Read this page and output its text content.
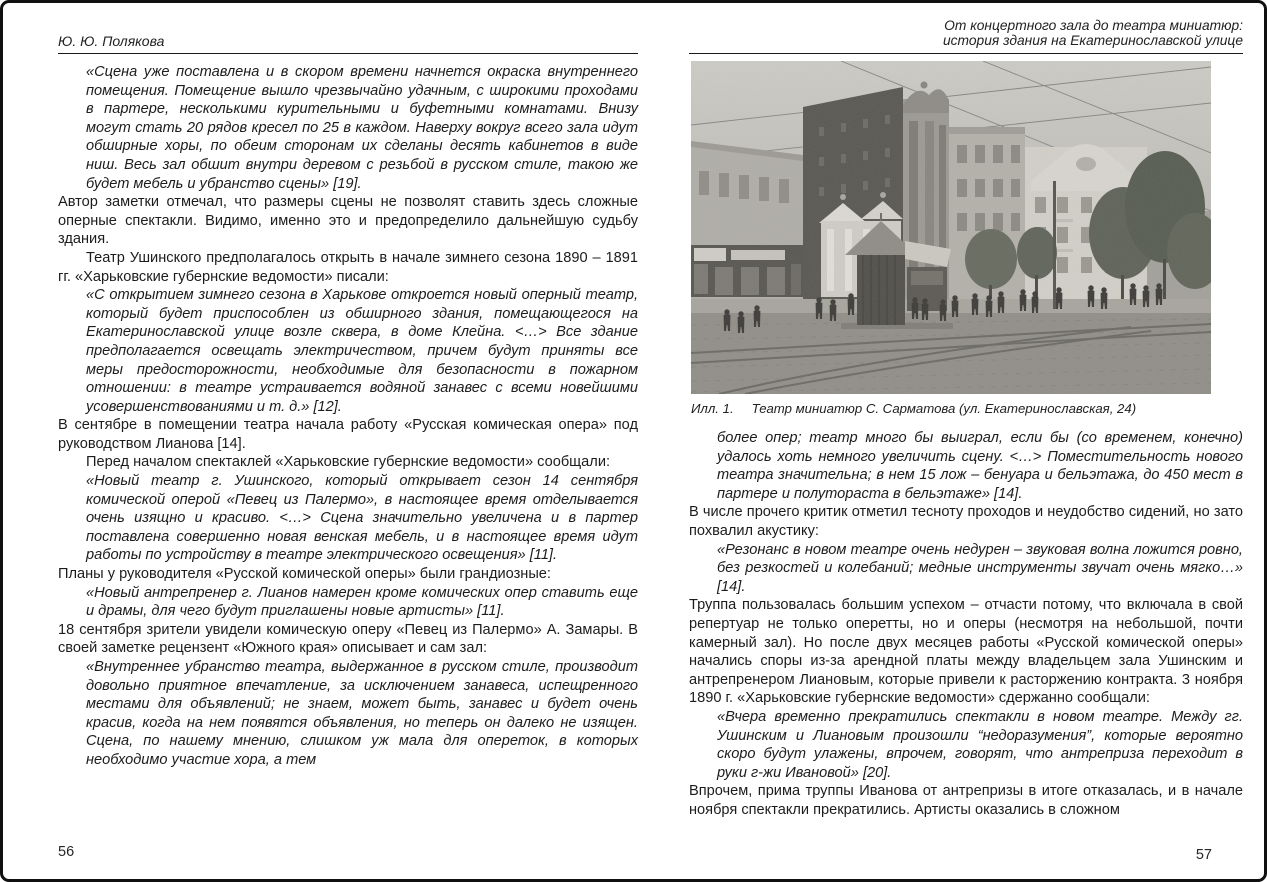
Ю. Ю. Полякова

«Сцена уже поставлена и в скором времени начнется окраска внутреннего помещения. Помещение вышло чрезвычайно удачным, с широкими проходами в партере, несколькими курительными и буфетными комнатами. Внизу могут стать 20 рядов кресел по 25 в каждом. Наверху вокруг всего зала идут обширные хоры, по обеим сторонам их сделаны десять кабинетов в виде ниш. Весь зал обшит внутри деревом с резьбой в русском стиле, такою же будет мебель и убранство сцены» [19].

Автор заметки отмечал, что размеры сцены не позволят ставить здесь сложные оперные спектакли. Видимо, именно это и предопределило дальнейшую судьбу здания.

Театр Ушинского предполагалось открыть в начале зимнего сезона 1890 – 1891 гг. «Харьковские губернские ведомости» писали:

«С открытием зимнего сезона в Харькове откроется новый оперный театр, который будет приспособлен из обширного здания, помещающегося на Екатеринославской улице возле сквера, в доме Клейна. <…> Все здание предполагается освещать электричеством, причем будут приняты все меры предосторожности, необходимые для безопасности в пожарном отношении: в театре устраивается водяной занавес с всеми новейшими усовершенствованиями и т. д.» [12].

В сентябре в помещении театра начала работу «Русская комическая опера» под руководством Лианова [14].

Перед началом спектаклей «Харьковские губернские ведомости» сообщали:

«Новый театр г. Ушинского, который открывает сезон 14 сентября комической оперой «Певец из Палермо», в настоящее время отделывается очень изящно и красиво. <…> Сцена значительно увеличена и в партер поставлена совершенно новая венская мебель, и в настоящее время идут работы по устройству в театре электрического освещения» [11].

Планы у руководителя «Русской комической оперы» были грандиозные:

«Новый антрепренер г. Лианов намерен кроме комических опер ставить еще и драмы, для чего будут приглашены новые артисты» [11].

18 сентября зрители увидели комическую оперу «Певец из Палермо» А. Замары. В своей заметке рецензент «Южного края» описывает и сам зал:

«Внутреннее убранство театра, выдержанное в русском стиле, производит довольно приятное впечатление, за исключением занавеса, испещренного местами для объявлений; не знаем, может быть, занавес и будет очень красив, когда на нем появятся объявления, но теперь он далеко не изящен. Сцена, по нашему мнению, слишком уж мала для опереток, в которых необходимо участие хора, а тем

От концертного зала до театра миниатюр:
история здания на Екатеринославской улице
Илл. 1. Театр миниатюр С. Сарматова (ул. Екатеринославская, 24)

более опер; театр много бы выиграл, если бы (со временем, конечно) удалось хоть немного увеличить сцену. <…> Поместительность нового театра значительна; в нем 15 лож – бенуара и бельэтажа, до 450 мест в партере и полутораста в бельэтаже» [14].

В числе прочего критик отметил тесноту проходов и неудобство сидений, но зато похвалил акустику:

«Резонанс в новом театре очень недурен – звуковая волна ложится ровно, без резкостей и колебаний; медные инструменты звучат очень мягко…» [14].

Труппа пользовалась большим успехом – отчасти потому, что включала в свой репертуар не только оперетты, но и оперы (несмотря на небольшой, почти камерный зал). Но после двух месяцев работы «Русской комической оперы» начались споры из-за арендной платы между владельцем зала Ушинским и антрепренером Лиановым, которые привели к расторжению контракта. 3 ноября 1890 г. «Харьковские губернские ведомости» сдержанно сообщали:

«Вчера временно прекратились спектакли в новом театре. Между гг. Ушинским и Лиановым произошли “недоразумения”, которые вероятно скоро будут улажены, впрочем, говорят, что антреприза переходит в руки г-жи Ивановой» [20].

Впрочем, прима труппы Иванова от антрепризы в итоге отказалась, и в начале ноября спектакли прекратились. Артисты оказались в сложном

56	57
